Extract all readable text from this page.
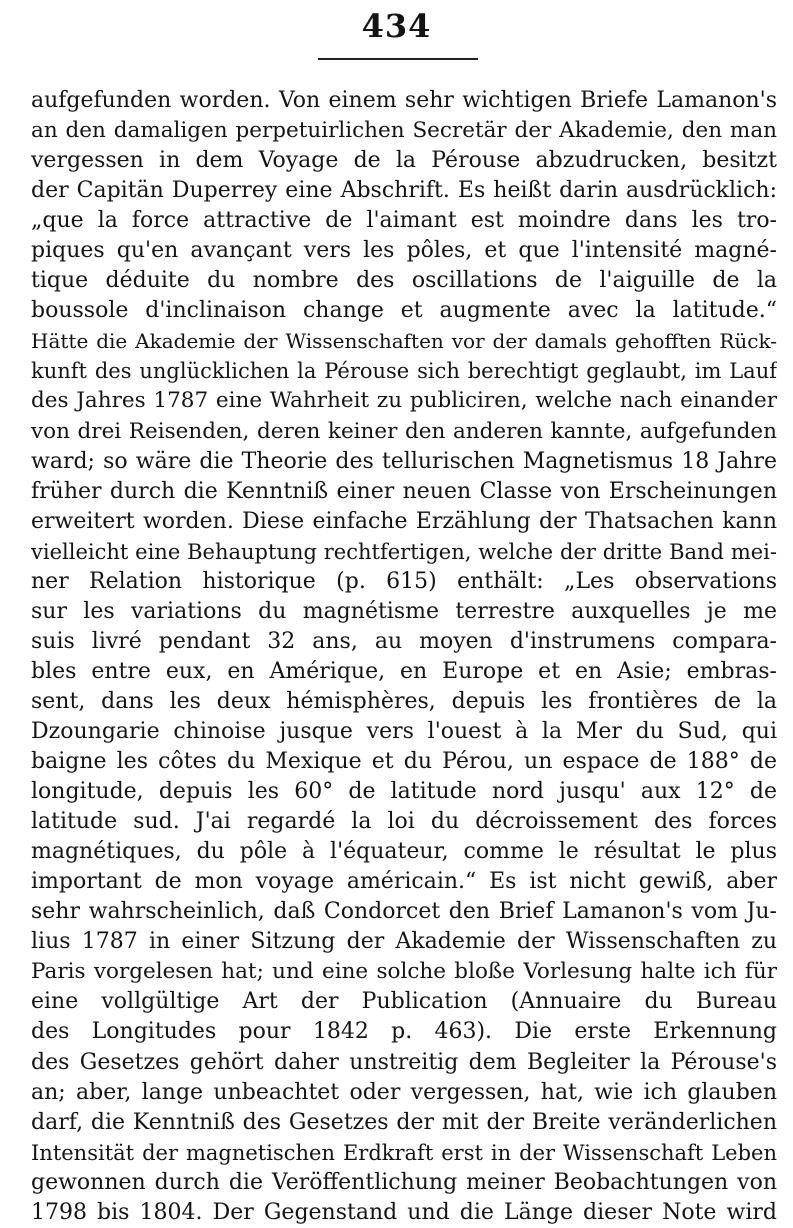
434
aufgefunden worden. Von einem sehr wichtigen Briefe Lamanon's
an den damaligen perpetuirlichen Secretär der Akademie, den man
vergessen in dem Voyage de la Pérouse abzudrucken, besitzt
der Capitän Duperrey eine Abschrift. Es heißt darin ausdrücklich:
„que la force attractive de l'aimant est moindre dans les tro-
piques qu'en avançant vers les pôles, et que l'intensité magné-
tique déduite du nombre des oscillations de l'aiguille de la
boussole d'inclinaison change et augmente avec la latitude.“
Hätte die Akademie der Wissenschaften vor der damals gehofften Rück-
kunft des unglücklichen la Pérouse sich berechtigt geglaubt, im Lauf
des Jahres 1787 eine Wahrheit zu publiciren, welche nach einander
von drei Reisenden, deren keiner den anderen kannte, aufgefunden
ward; so wäre die Theorie des tellurischen Magnetismus 18 Jahre
früher durch die Kenntniß einer neuen Classe von Erscheinungen
erweitert worden. Diese einfache Erzählung der Thatsachen kann
vielleicht eine Behauptung rechtfertigen, welche der dritte Band mei-
ner Relation historique (p. 615) enthält: „Les observations
sur les variations du magnétisme terrestre auxquelles je me
suis livré pendant 32 ans, au moyen d'instrumens compara-
bles entre eux, en Amérique, en Europe et en Asie; embras-
sent, dans les deux hémisphères, depuis les frontières de la
Dzoungarie chinoise jusque vers l'ouest à la Mer du Sud, qui
baigne les côtes du Mexique et du Pérou, un espace de 188° de
longitude, depuis les 60° de latitude nord jusqu' aux 12° de
latitude sud. J'ai regardé la loi du décroissement des forces
magnétiques, du pôle à l'équateur, comme le résultat le plus
important de mon voyage américain.“ Es ist nicht gewiß, aber
sehr wahrscheinlich, daß Condorcet den Brief Lamanon's vom Ju-
lius 1787 in einer Sitzung der Akademie der Wissenschaften zu
Paris vorgelesen hat; und eine solche bloße Vorlesung halte ich für
eine vollgültige Art der Publication (Annuaire du Bureau
des Longitudes pour 1842 p. 463). Die erste Erkennung
des Gesetzes gehört daher unstreitig dem Begleiter la Pérouse's
an; aber, lange unbeachtet oder vergessen, hat, wie ich glauben
darf, die Kenntniß des Gesetzes der mit der Breite veränderlichen
Intensität der magnetischen Erdkraft erst in der Wissenschaft Leben
gewonnen durch die Veröffentlichung meiner Beobachtungen von
1798 bis 1804. Der Gegenstand und die Länge dieser Note wird
